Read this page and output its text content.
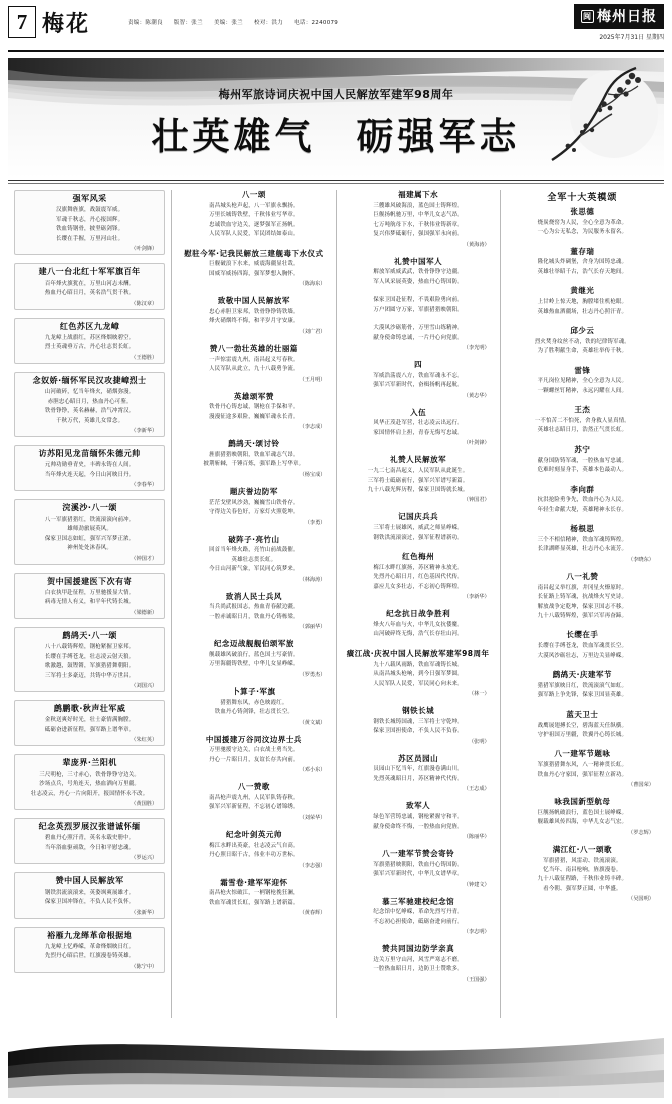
7 梅花	责编：陈潮良 版智：张兰 美编：张兰 校对：洪力 电话：2240079
闽 梅州日报
2025年7月31日 星期四
梅州军旅诗词庆祝中国人民解放军建军98周年
壮英雄气　砺强军志
强军风采
汉旗舞旌旗，战鼓震军威。
军魂千秋志，丹心报国辉。
铁血铸钢骨，披坚砺剑锋。
长缨在手握，万里河山壮。
（叶剑锋）
建八一台北红十军军旗百年
百年烽火旗犹在，万里山河志未酬。
热血丹心昭日月，英名浩气贯千秋。
（陈汉章）
红色苏区九龙嶂
九龙嶂上战旗红，苏区烽烟映碧空。
烈士英魂垂万古，丹心壮志贯长虹。
（王德胜）
念奴娇·缅怀军民汉攻捷嶂烈士
山河破碎，忆当年烽火，硝烟弥漫。
赤胆忠心昭日月，热血丹心可鉴。
铁骨铮铮，英名赫赫，浩气冲霄汉。
千秋万代，英雄儿女常念。
（李新华）
访苏阳见龙苗缅怀朱德元帅
元帅功勋垂青史，丰碑永铸在人间。
当年烽火连天起，今日山河映日丹。
（李春华）
浣溪沙·八一颂
八一军旗猎猎红，铁流滚滚向前冲。
雄师劲旅展英风。
保家卫国志如虹，强军兴军梦正浓。
神州处处沐春风。
（钟国才）
贺中国援建医下次有寄
白衣执甲赴征程，万里驰援显大情。
病毒无情人有义，和平年代铸长城。
（梁德新）
鹧鸪天·八一颂
八十八载铸辉煌，钢枪紧握卫家邦。
长缨在手缚苍龙，壮志凌云射天狼。
歌激越，鼓铿锵，军旗猎猎舞朝阳。
三军将士多豪迈，共铸中华万世昌。
（刘国兴）
鹧鹏歌·秋声壮军威
金秋送爽好时光，壮士豪情满胸膛。
砥砺奋进新征程，强军路上谱华章。
（朱红英）
辈庞界·兰阳机
三尺明枪，三寸赤心，铁骨铮铮守边关。
沙场点兵，号角连天，热血洒向万里疆。
壮志凌云，丹心一片向阳开，报国情怀永不改。
（黄国胜）
纪念英烈罗展汉张谱诚怀缅
碧血丹心照汗青，英名永载史册中。
当年浴血驱顽敌，今日和平慰忠魂。
（罗运兴）
赞中国人民解放军
钢铁洪流滚滚来，英姿飒爽展雄才。
保家卫国冲锋在，不负人民不负怀。
（张新华）
裕雁九龙缂革命根据地
九龙嶂上忆峥嵘，革命烽烟映日红。
先烈丹心昭后世，红旗漫卷铸英雄。
（陈宁中）
八一颂
南昌城头枪声起，八一军旗永飘扬。
万里长城铸铁壁，千秋伟业写华章。
忠诚铁血守边关，逐梦强军正扬帆。
人民军队人民爱，军民团结如泰山。
慰驻今军·记我民解放三建舰毒下水仪式
巨舰破浪下水来，威震海疆显壮哉。
国威军威扬四海，强军梦想入胸怀。
（陈海东）
致敬中国人民解放军
忠心赤胆卫家邦，铁骨铮铮铸铁墙。
烽火硝烟终不悔，和平岁月守安康。
（刘广君）
赞八一勃壮英雄的壮丽篇
一声惊雷震九州，南昌起义写春秋。
人民军队从此立，九十八载勇争流。
（王月明）
英雄颂军赞
铁骨丹心铸忠诚，钢枪在手保和平。
漫漫征途多艰险，巍巍军魂永长青。
（李志成）
鹧鸪天·颂讨铃
旌旗猎猎映朝阳，铁血军魂志气昂。
披荆斩棘，千锤百炼，强军路上写华章。
（杨宝成）
题庆誉边防军
茫茫戈壁风沙劲，巍巍雪山铁骨存。
守得边关春色好，万家灯火照乾坤。
（李勇）
破阵子·亮竹山
回首当年烽火路，亮竹山前战鼓催。
英雄壮志贯长虹。
今日山河新气象，军民同心筑梦来。
（林海涛）
致消人民士兵风
当兵尚武报国志，热血青春献边疆。
一腔赤诚昭日月，铁血丹心铸栋梁。
（郭丽华）
纪念迈战舰舰伯颂军旅
舰载雄风破浪行，蓝色国土写豪情。
万里海疆铸铁壁，中华儿女显峥嵘。
（罗勇杰）
卜算子·军旗
猎猎舞东风，赤色映霞红。
铁血丹心铸剑锋，壮志贯长空。
（黄文斌）
中国援建万谷同汶边界士兵
万里驰援守边关，白衣战士勇当先。
丹心一片昭日月，友谊长存共向前。
（邓小东）
八一赞歌
南昌枪声震九州，人民军队铸春秋。
强军兴军新征程，不忘初心谱锦绣。
（刘荣华）
纪念叶剑英元帅
梅江水畔出英豪，壮志凌云气自高。
丹心照日昭千古，伟业丰功万世标。
（李志强）
霜雪卷·建军军迎怀
南昌枪火惊破江，一柄钢枪挽狂澜，
铁血军魂贯长虹，强军路上谱新篇。
（黄春辉）
福建属下水
三艘雄风破海浪，蓝色国土铸辉煌。
巨舰扬帆驰万里，中华儿女志气昂。
七万吨航母下水，千秋伟业铸新章。
复兴伟梦砥砺行，强国强军永向前。
（黄海涛）
礼赞中国军人
解放军威威武武，铁骨铮铮守边疆。
军人风采展英姿，热血丹心铸国防。
保家卫国赴征程，不畏艰险勇向前。
万户团圆守万家，军旗猎猎映朝阳。
大漠风沙砺筋骨，万里雪山练精神。
献身使命铸忠诚，一片丹心向党旗。
（李光明）
四
军威浩荡震八方，铁血军魂永不忘。
强军兴军新时代，奋楫扬帆再起航。
（黄志华）
入伍
风华正茂赴军营，壮志凌云出远行。
家国情怀肩上担，青春无悔写忠诚。
（叶剑锋）
礼赞人民解放军
一九二七南昌起义，人民军队从此诞生。
三军将士砥砺前行，强军兴军谱写新篇。
九十八载光辉历程，保家卫国铸就长城。
（钟国君）
记国庆兵兵
三军将士展雄风，威武之师显峥嵘。
钢铁洪流滚滚过，强军征程谱新功。
红色梅州
梅江水畔红旗扬，苏区精神永放光。
先烈丹心昭日月，红色基因代代传。
嘉应儿女多壮志，不忘初心铸辉煌。
（李新华）
纪念抗日战争胜利
烽火八年血与火，中华儿女抗倭魔。
山河破碎终无悔，浩气长存壮山河。
癀江战·庆祝中国人民解放军建军98周年
九十八载风雨路，铁血军魂铸长城。
从南昌城头枪响，到今日强军梦圆。
人民军队人民爱，军民同心向未来。
（林一）
钢铁长城
钢铁长城铸国魂，三军将士守乾坤。
保家卫国担使命，不负人民不负春。
（张明）
苏区员园山
员园山下忆当年，红旗漫卷满山川。
先烈英魂昭日月，苏区精神代代传。
（王志成）
致军人
绿色军营铸忠诚，钢枪紧握守和平。
献身使命终不悔，一腔热血向党旌。
（陈丽华）
八一建军节赞会寄铃
军旗猎猎映朝阳，铁血丹心铸国防。
强军兴军新时代，中华儿女谱华章。
（钟建文）
慕三军驰建校纪念馆
纪念馆中忆峥嵘，革命先烈写丹青。
不忘初心担使命，砥砺奋进向前行。
（李志明）
赞共同国边防学亲真
边关万里守山河，风雪严寒志不磨。
一腔热血昭日月，边防卫士赞歌多。
（王国强）
全军十大英模颂
张思德
烧炭烧窑为人民，全心全意为革命。
一心为公无私念，为民服务永留名。
董存瑞
隆化城头炸碉堡，舍身为国铸忠魂。
英雄壮举昭千古，浩气长存天地间。
黄继光
上甘岭上惊天地，胸膛堵住机枪眼。
英雄热血洒疆场，壮志丹心照汗青。
邱少云
烈火焚身纹丝不动，铁的纪律铸军魂。
为了胜利献生命，英雄壮举传千秋。
雷锋
平凡岗位见精神，全心全意为人民。
一颗螺丝钉精神，永远闪耀在人间。
王杰
一不怕苦二不怕死，舍身救人显真情。
英雄壮志昭日月，浩然正气贯长虹。
苏宁
献身国防铸军魂，一腔热血写忠诚。
危难时刻显身手，英雄本色最动人。
李向群
抗洪抢险勇争先，铁血丹心为人民。
年轻生命献大堤，英雄精神永长存。
杨根思
三个不相信精神，铁血军魂铸辉煌。
长津湖畔显英雄，壮志丹心永流芳。
（李晓东）
八一礼赞
南昌起义举红旗，井冈星火燎原时。
长征路上铸军魂，抗战烽火写史诗。
解放战争定乾坤，保家卫国志不移。
九十八载铸辉煌，强军兴军再奋蹄。
长缨在手
长缨在手缚苍龙，铁血军魂贯长空。
大漠风沙砺壮志，万里边关显峥嵘。
鹧鸪天·庆建军节
猎猎军旗映日红，铁流滚滚气如虹。
强军路上争先锋，保家卫国显英雄。
蓝天卫士
战鹰展翅搏长空，碧海蓝天任纵横。
守护祖国万里疆，铁翼丹心铸长城。
八一建军节题咏
军旗猎猎舞东风，八一精神贯长虹。
铁血丹心守家国，强军征程立新功。
（曹国荣）
咏我国新型航母
巨舰扬帆破浪行，蓝色国土展峥嵘。
舰载雄风传四海，中华儿女志气宏。
（罗志辉）
满江红·八一颂歌
军旗猎猎，风雷动、铁流滚滚。
忆当年、南昌枪响，旌旗漫卷。
九十八载征程路，千秋伟业铸丰碑。
看今朝、强军梦正圆，中华盛。
（吴国明）
